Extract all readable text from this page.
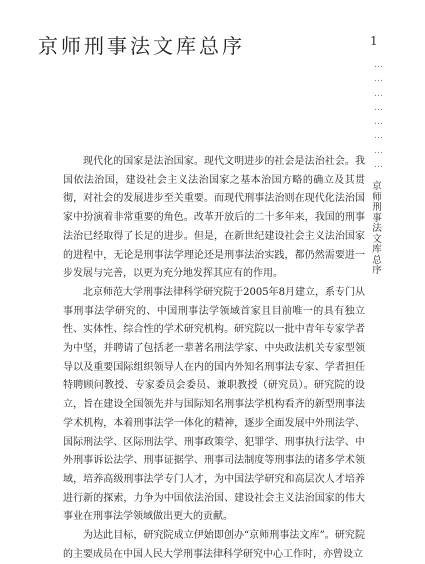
京师刑事法文库总序	1
…
…
…
…
…
…
…
…
京师刑事法文库总序

现代化的国家是法治国家。现代文明进步的社会是法治社会。我国依法治国，建设社会主义法治国家之基本治国方略的确立及其贯彻，对社会的发展进步至关重要。而现代刑事法治则在现代化法治国家中扮演着非常重要的角色。改革开放后的二十多年来，我国的刑事法治已经取得了长足的进步。但是，在新世纪建设社会主义法治国家的进程中，无论是刑事法学理论还是刑事法治实践，都仍然需要进一步发展与完善，以更为充分地发挥其应有的作用。

北京师范大学刑事法律科学研究院于2005年8月建立，系专门从事刑事法学研究的、中国刑事法学领域首家且目前唯一的具有独立性、实体性、综合性的学术研究机构。研究院以一批中青年专家学者为中坚，并聘请了包括老一辈著名刑法学家、中央政法机关专家型领导以及重要国际组织领导人在内的国内外知名刑事法专家、学者担任特聘顾问教授、专家委员会委员、兼职教授（研究员）。研究院的设立，旨在建设全国领先并与国际知名刑事法学机构看齐的新型刑事法学术机构，本着刑事法学一体化的精神，逐步全面发展中外刑法学、国际刑法学、区际刑法学、刑事政策学、犯罪学、刑事执行法学、中外刑事诉讼法学、刑事证据学、刑事司法制度等刑事法的诸多学术领域，培养高级刑事法学专门人才，为中国法学研究和高层次人才培养进行新的探索，力争为中国依法治国、建设社会主义法治国家的伟大事业在刑事法学领域做出更大的贡献。

为达此目标，研究院成立伊始即创办“京师刑事法文库”。研究院的主要成员在中国人民大学刑事法律科学研究中心工作时，亦曾设立
